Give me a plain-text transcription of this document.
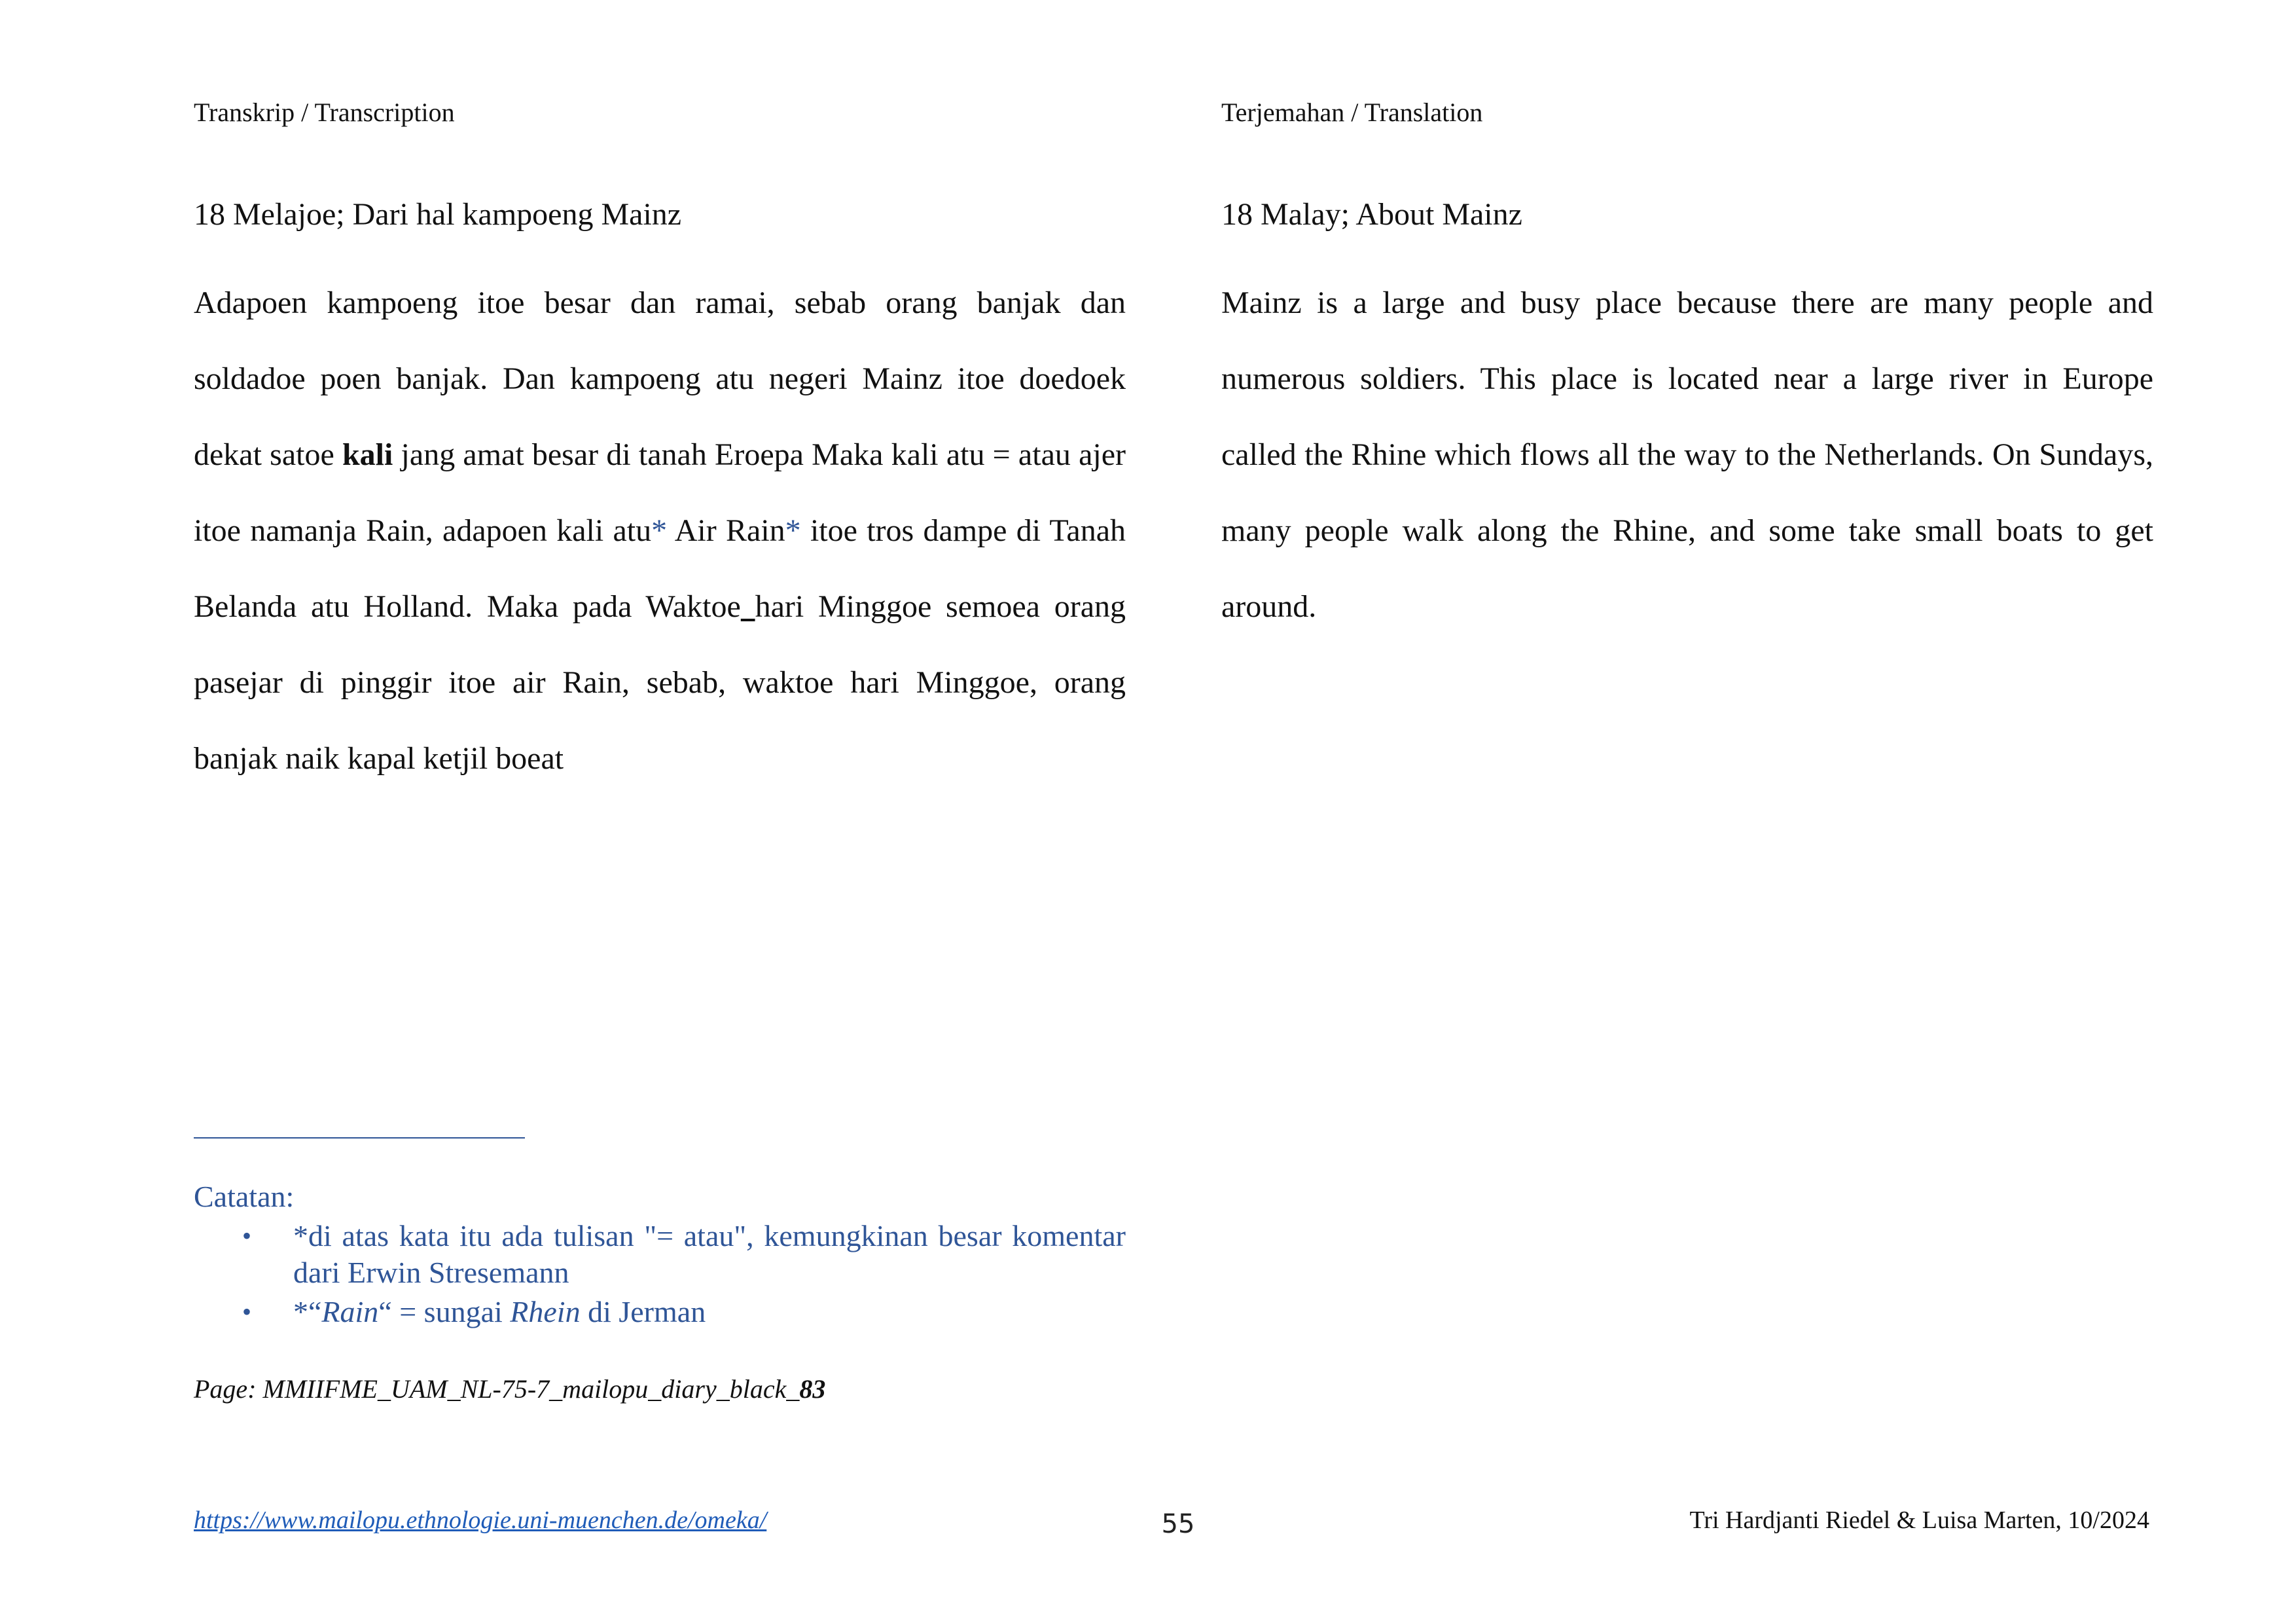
Transkrip / Transcription	Terjemahan / Translation
18 Melajoe; Dari hal kampoeng Mainz

Adapoen kampoeng itoe besar dan ramai, sebab orang banjak dan soldadoe poen banjak. Dan kampoeng atu negeri Mainz itoe doedoek dekat satoe kali jang amat besar di tanah Eroepa Maka kali atu = atau ajer itoe namanja Rain, adapoen kali atu* Air Rain* itoe tros dampe di Tanah Belanda atu Holland. Maka pada Waktoe hari Minggoe semoea orang pasejar di pinggir itoe air Rain, sebab, waktoe hari Minggoe, orang banjak naik kapal ketjil boeat

18 Malay; About Mainz

Mainz is a large and busy place because there are many people and numerous soldiers. This place is located near a large river in Europe called the Rhine which flows all the way to the Netherlands. On Sundays, many people walk along the Rhine, and some take small boats to get around.

Catatan:
• *di atas kata itu ada tulisan "= atau", kemungkinan besar komentar dari Erwin Stresemann
• *“Rain“ = sungai Rhein di Jerman
Page: MMIIFME_UAM_NL-75-7_mailopu_diary_black_83
https://www.mailopu.ethnologie.uni-muenchen.de/omeka/	55	Tri Hardjanti Riedel & Luisa Marten, 10/2024
